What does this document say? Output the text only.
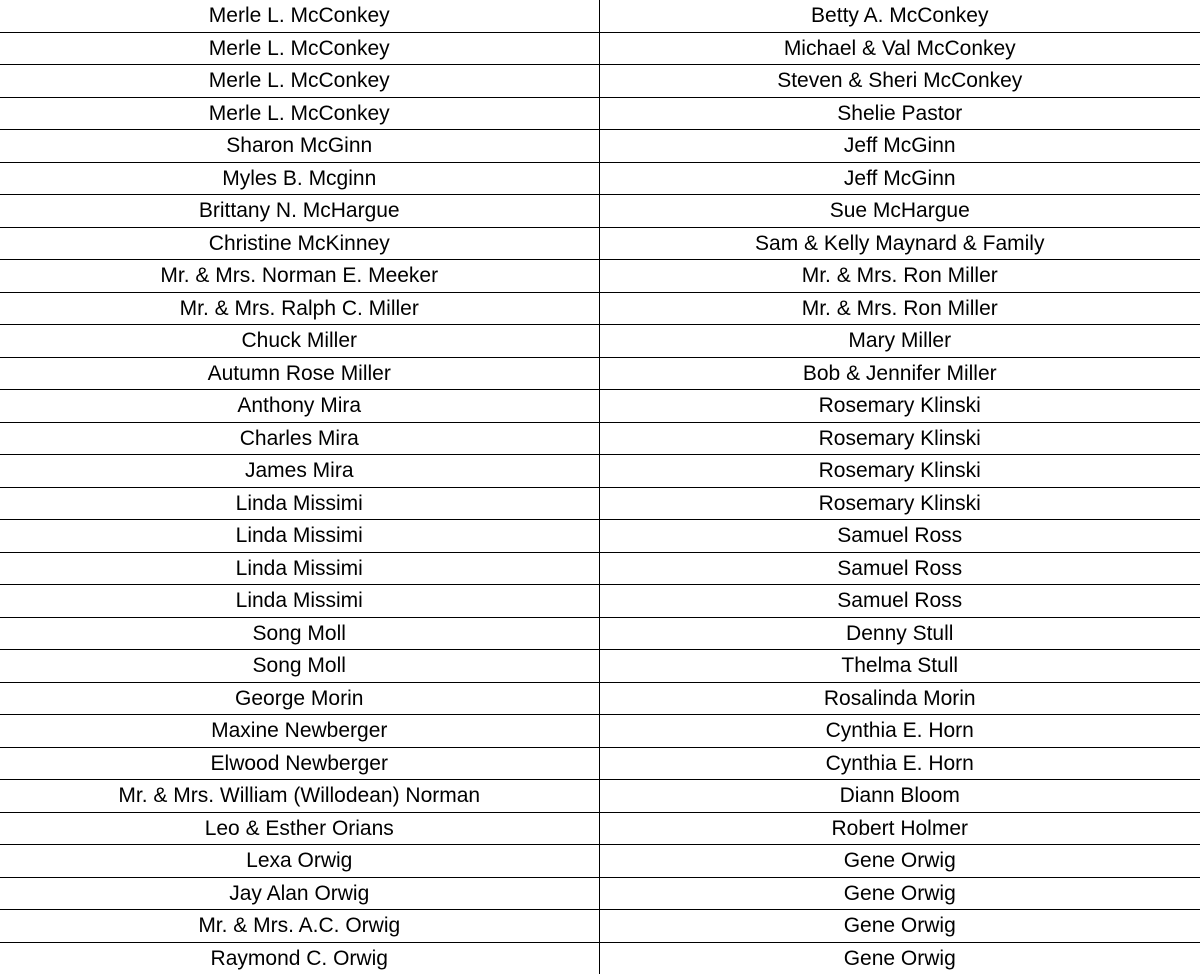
Merle L. McConkey	Betty A. McConkey
Merle L. McConkey	Michael & Val McConkey
Merle L. McConkey	Steven & Sheri McConkey
Merle L. McConkey	Shelie Pastor
Sharon McGinn	Jeff McGinn
Myles B. Mcginn	Jeff McGinn
Brittany N. McHargue	Sue McHargue
Christine McKinney	Sam & Kelly Maynard & Family
Mr. & Mrs. Norman E. Meeker	Mr. & Mrs. Ron Miller
Mr. & Mrs. Ralph C. Miller	Mr. & Mrs. Ron Miller
Chuck Miller	Mary Miller
Autumn Rose Miller	Bob & Jennifer Miller
Anthony Mira	Rosemary Klinski
Charles Mira	Rosemary Klinski
James Mira	Rosemary Klinski
Linda Missimi	Rosemary Klinski
Linda Missimi	Samuel Ross
Linda Missimi	Samuel Ross
Linda Missimi	Samuel Ross
Song Moll	Denny Stull
Song Moll	Thelma Stull
George Morin	Rosalinda Morin
Maxine Newberger	Cynthia E. Horn
Elwood Newberger	Cynthia E. Horn
Mr. & Mrs. William (Willodean) Norman	Diann Bloom
Leo & Esther Orians	Robert Holmer
Lexa Orwig	Gene Orwig
Jay Alan Orwig	Gene Orwig
Mr. & Mrs. A.C. Orwig	Gene Orwig
Raymond C. Orwig	Gene Orwig
